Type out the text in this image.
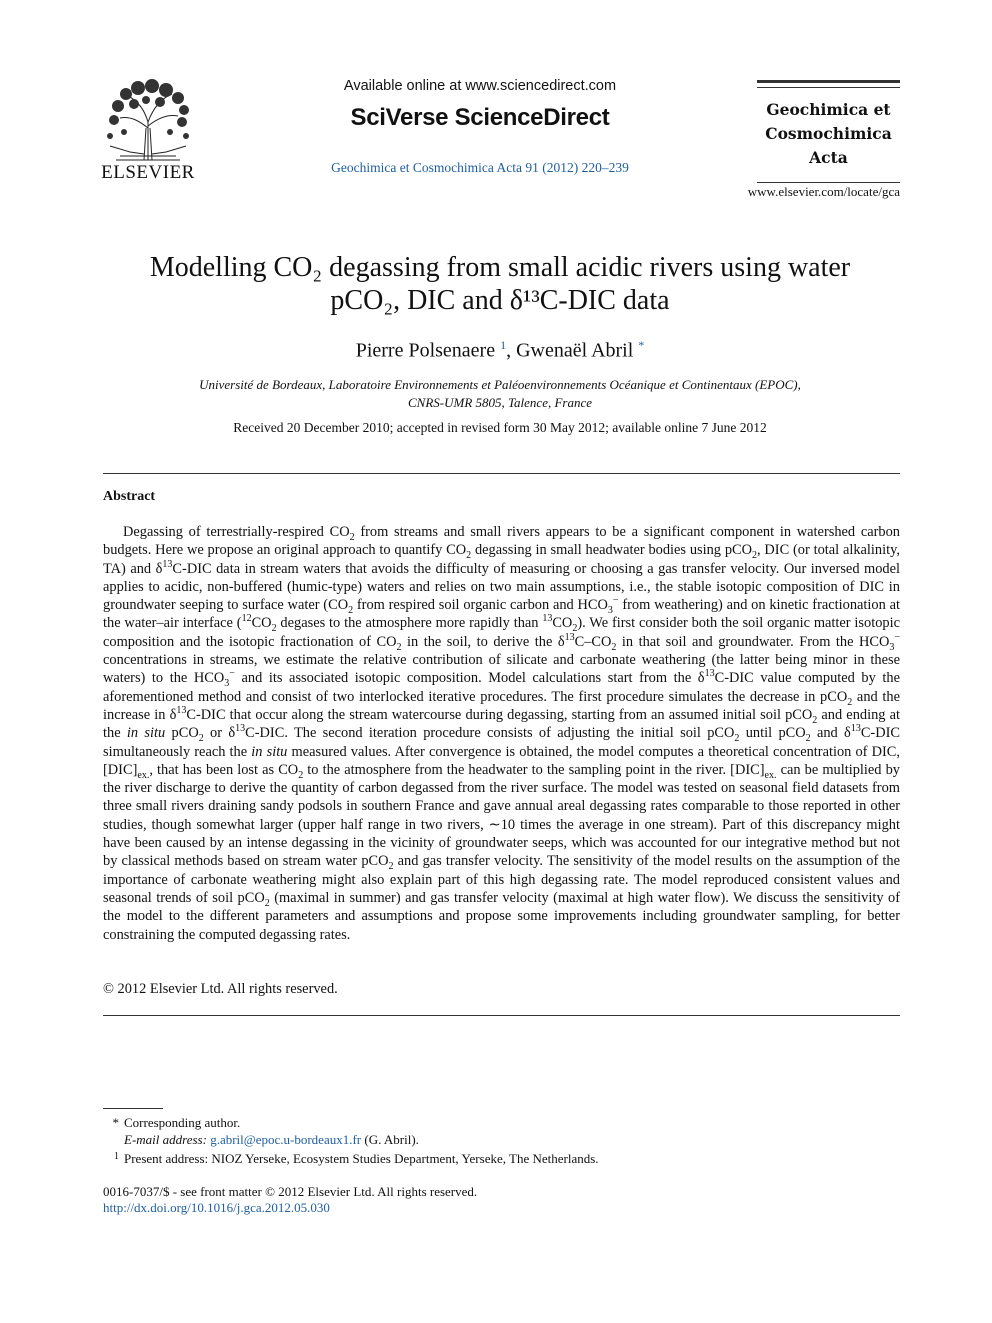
ELSEVIER
Available online at www.sciencedirect.com
SciVerse ScienceDirect
Geochimica et Cosmochimica Acta 91 (2012) 220–239
Geochimica et
Cosmochimica
Acta
www.elsevier.com/locate/gca
Modelling CO₂ degassing from small acidic rivers using water
pCO₂, DIC and δ¹³C-DIC data
Pierre Polsenaere $^1$, Gwenaël Abril *
Université de Bordeaux, Laboratoire Environnements et Paléoenvironnements Océanique et Continentaux (EPOC),
CNRS-UMR 5805, Talence, France
Received 20 December 2010; accepted in revised form 30 May 2012; available online 7 June 2012
Abstract

Degassing of terrestrially-respired $CO_2$ from streams and small rivers appears to be a significant component in watershed carbon budgets. Here we propose an original approach to quantify $CO_2$ degassing in small headwater bodies using pCO$_2$, DIC (or total alkalinity, TA) and $\delta^{13}C$-DIC data in stream waters that avoids the difficulty of measuring or choosing a gas transfer velocity. Our inversed model applies to acidic, non-buffered (humic-type) waters and relies on two main assumptions, i.e., the stable isotopic composition of DIC in groundwater seeping to surface water ($CO_2$ from respired soil organic carbon and $HCO_3^-$ from weathering) and on kinetic fractionation at the water–air interface ($^{12}CO_2$ degases to the atmosphere more rapidly than $^{13}CO_2$). We first consider both the soil organic matter isotopic composition and the isotopic fractionation of $CO_2$ in the soil, to derive the $\delta^{13}C-CO_2$ in that soil and groundwater. From the $HCO_3^-$ concentrations in streams, we estimate the relative contribution of silicate and carbonate weathering (the latter being minor in these waters) to the $HCO_3^-$ and its associated isotopic composition. Model calculations start from the $\delta^{13}C$-DIC value computed by the aforementioned method and consist of two interlocked iterative procedures. The first procedure simulates the decrease in pCO$_2$ and the increase in $\delta^{13}C$-DIC that occur along the stream watercourse during degassing, starting from an assumed initial soil pCO$_2$ and ending at the in situ pCO$_2$ or $\delta^{13}C$-DIC. The second iteration procedure consists of adjusting the initial soil pCO$_2$ until pCO$_2$ and $\delta^{13}C$-DIC simultaneously reach the in situ measured values. After convergence is obtained, the model computes a theoretical concentration of DIC, $[DIC]_{ex.}$, that has been lost as $CO_2$ to the atmosphere from the headwater to the sampling point in the river. $[DIC]_{ex.}$ can be multiplied by the river discharge to derive the quantity of carbon degassed from the river surface. The model was tested on seasonal field datasets from three small rivers draining sandy podsols in southern France and gave annual areal degassing rates comparable to those reported in other studies, though somewhat larger (upper half range in two rivers, ∼10 times the average in one stream). Part of this discrepancy might have been caused by an intense degassing in the vicinity of groundwater seeps, which was accounted for our integrative method but not by classical methods based on stream water pCO$_2$ and gas transfer velocity. The sensitivity of the model results on the assumption of the importance of carbonate weathering might also explain part of this high degassing rate. The model reproduced consistent values and seasonal trends of soil pCO$_2$ (maximal in summer) and gas transfer velocity (maximal at high water flow). We discuss the sensitivity of the model to the different parameters and assumptions and propose some improvements including groundwater sampling, for better constraining the computed degassing rates.

© 2012 Elsevier Ltd. All rights reserved.
* Corresponding author.
E-mail address: g.abril@epoc.u-bordeaux1.fr (G. Abril).
1 Present address: NIOZ Yerseke, Ecosystem Studies Department, Yerseke, The Netherlands.
0016-7037/$ - see front matter © 2012 Elsevier Ltd. All rights reserved.
http://dx.doi.org/10.1016/j.gca.2012.05.030
